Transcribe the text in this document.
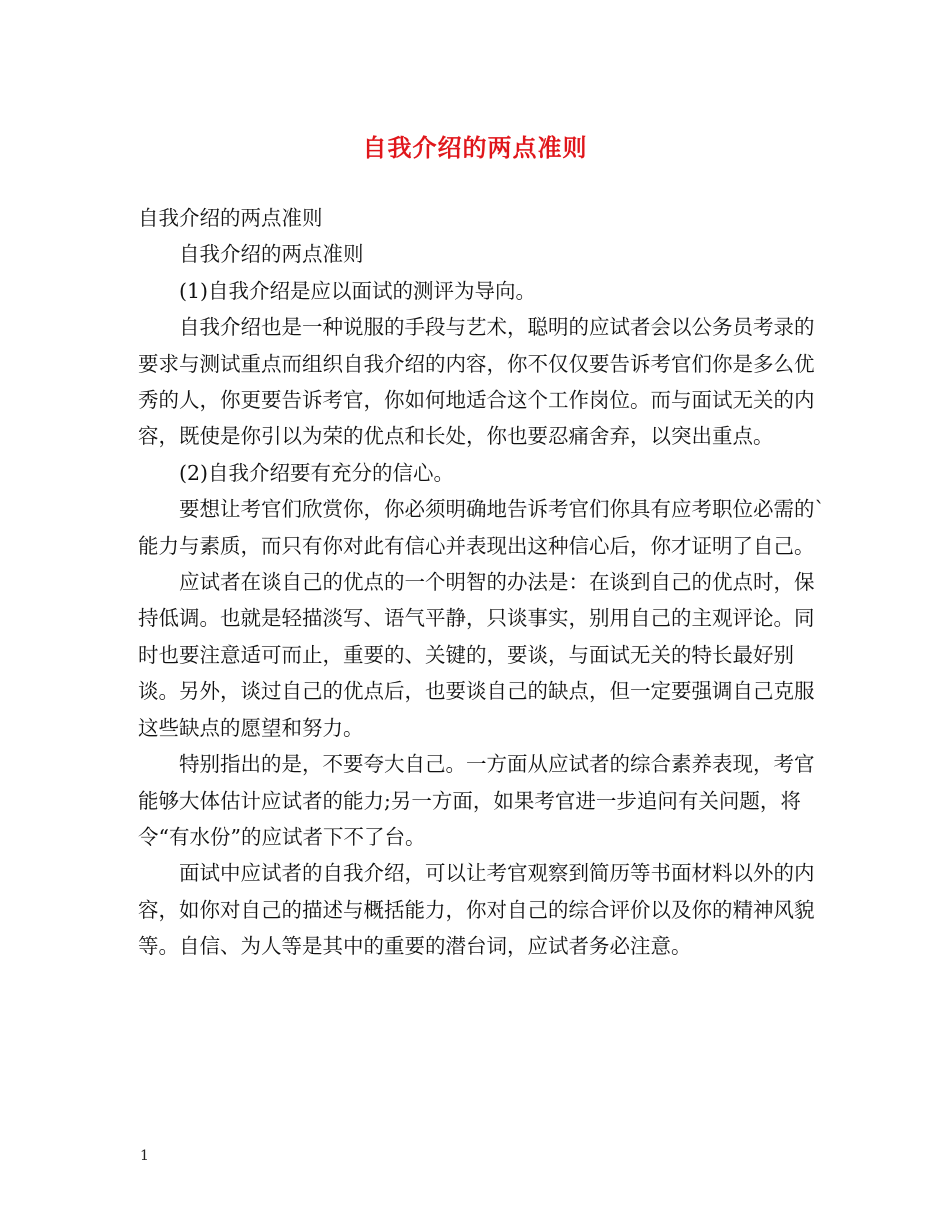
自我介绍的两点准则

自我介绍的两点准则

自我介绍的两点准则

(1)自我介绍是应以面试的测评为导向。

自我介绍也是一种说服的手段与艺术，聪明的应试者会以公务员考录的要求与测试重点而组织自我介绍的内容，你不仅仅要告诉考官们你是多么优秀的人，你更要告诉考官，你如何地适合这个工作岗位。而与面试无关的内容，既使是你引以为荣的优点和长处，你也要忍痛舍弃，以突出重点。

(2)自我介绍要有充分的信心。

要想让考官们欣赏你，你必须明确地告诉考官们你具有应考职位必需的`能力与素质，而只有你对此有信心并表现出这种信心后，你才证明了自己。

应试者在谈自己的优点的一个明智的办法是：在谈到自己的优点时，保持低调。也就是轻描淡写、语气平静，只谈事实，别用自己的主观评论。同时也要注意适可而止，重要的、关键的，要谈，与面试无关的特长最好别谈。另外，谈过自己的优点后，也要谈自己的缺点，但一定要强调自己克服这些缺点的愿望和努力。

特别指出的是，不要夸大自己。一方面从应试者的综合素养表现，考官能够大体估计应试者的能力;另一方面，如果考官进一步追问有关问题，将令“有水份”的应试者下不了台。

面试中应试者的自我介绍，可以让考官观察到简历等书面材料以外的内容，如你对自己的描述与概括能力，你对自己的综合评价以及你的精神风貌等。自信、为人等是其中的重要的潜台词，应试者务必注意。

1
